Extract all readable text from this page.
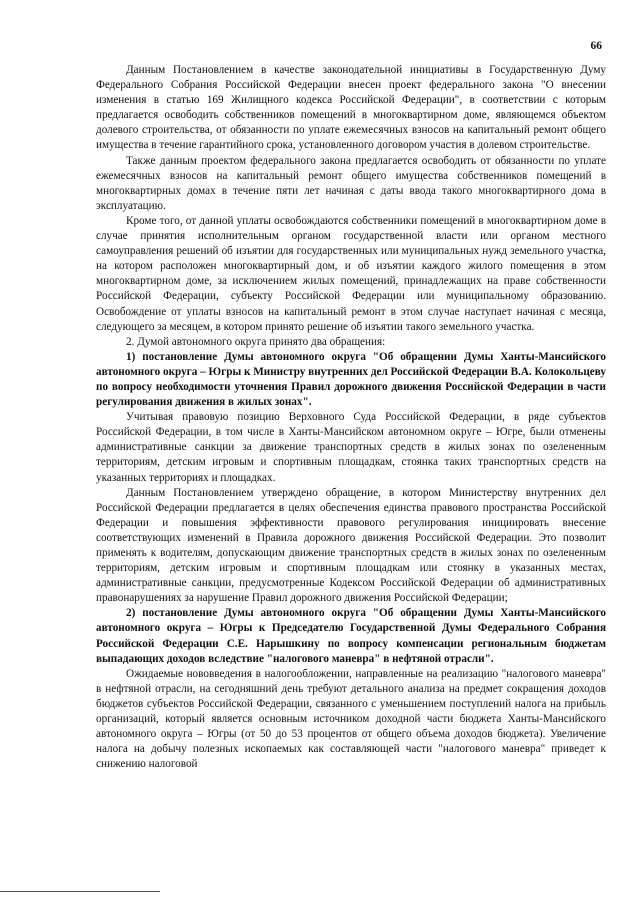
66

Данным Постановлением в качестве законодательной инициативы в Государственную Думу Федерального Собрания Российской Федерации внесен проект федерального закона "О внесении изменения в статью 169 Жилищного кодекса Российской Федерации", в соответствии с которым предлагается освободить собственников помещений в многоквартирном доме, являющемся объектом долевого строительства, от обязанности по уплате ежемесячных взносов на капитальный ремонт общего имущества в течение гарантийного срока, установленного договором участия в долевом строительстве.

Также данным проектом федерального закона предлагается освободить от обязанности по уплате ежемесячных взносов на капитальный ремонт общего имущества собственников помещений в многоквартирных домах в течение пяти лет начиная с даты ввода такого многоквартирного дома в эксплуатацию.

Кроме того, от данной уплаты освобождаются собственники помещений в многоквартирном доме в случае принятия исполнительным органом государственной власти или органом местного самоуправления решений об изъятии для государственных или муниципальных нужд земельного участка, на котором расположен многоквартирный дом, и об изъятии каждого жилого помещения в этом многоквартирном доме, за исключением жилых помещений, принадлежащих на праве собственности Российской Федерации, субъекту Российской Федерации или муниципальному образованию. Освобождение от уплаты взносов на капитальный ремонт в этом случае наступает начиная с месяца, следующего за месяцем, в котором принято решение об изъятии такого земельного участка.

2. Думой автономного округа принято два обращения:

1) постановление Думы автономного округа "Об обращении Думы Ханты-Мансийского автономного округа – Югры к Министру внутренних дел Российской Федерации В.А. Колокольцеву по вопросу необходимости уточнения Правил дорожного движения Российской Федерации в части регулирования движения в жилых зонах".

Учитывая правовую позицию Верховного Суда Российской Федерации, в ряде субъектов Российской Федерации, в том числе в Ханты-Мансийском автономном округе – Югре, были отменены административные санкции за движение транспортных средств в жилых зонах по озелененным территориям, детским игровым и спортивным площадкам, стоянка таких транспортных средств на указанных территориях и площадках.

Данным Постановлением утверждено обращение, в котором Министерству внутренних дел Российской Федерации предлагается в целях обеспечения единства правового пространства Российской Федерации и повышения эффективности правового регулирования инициировать внесение соответствующих изменений в Правила дорожного движения Российской Федерации. Это позволит применять к водителям, допускающим движение транспортных средств в жилых зонах по озелененным территориям, детским игровым и спортивным площадкам или стоянку в указанных местах, административные санкции, предусмотренные Кодексом Российской Федерации об административных правонарушениях за нарушение Правил дорожного движения Российской Федерации;

2) постановление Думы автономного округа "Об обращении Думы Ханты-Мансийского автономного округа – Югры к Председателю Государственной Думы Федерального Собрания Российской Федерации С.Е. Нарышкину по вопросу компенсации региональным бюджетам выпадающих доходов вследствие "налогового маневра" в нефтяной отрасли".

Ожидаемые нововведения в налогообложении, направленные на реализацию "налогового маневра" в нефтяной отрасли, на сегодняшний день требуют детального анализа на предмет сокращения доходов бюджетов субъектов Российской Федерации, связанного с уменьшением поступлений налога на прибыль организаций, который является основным источником доходной части бюджета Ханты-Мансийского автономного округа – Югры (от 50 до 53 процентов от общего объема доходов бюджета). Увеличение налога на добычу полезных ископаемых как составляющей части "налогового маневра" приведет к снижению налоговой
